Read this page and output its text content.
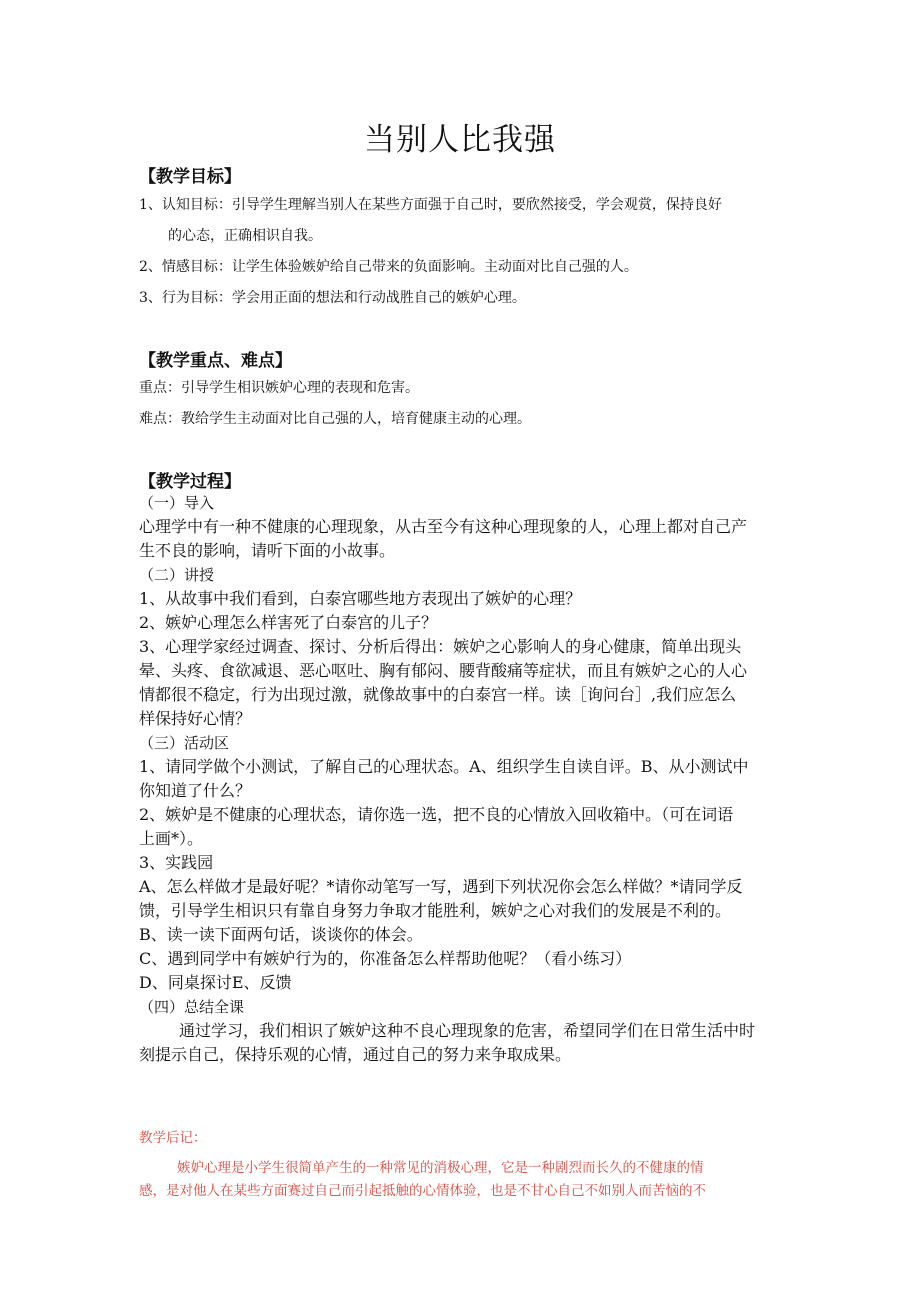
当别人比我强
【教学目标】

1、认知目标：引导学生理解当别人在某些方面强于自己时，要欣然接受，学会观赏，保持良好

的心态，正确相识自我。

2、情感目标：让学生体验嫉妒给自己带来的负面影响。主动面对比自己强的人。

3、行为目标：学会用正面的想法和行动战胜自己的嫉妒心理。

【教学重点、难点】

重点：引导学生相识嫉妒心理的表现和危害。

难点：教给学生主动面对比自己强的人，培育健康主动的心理。

【教学过程】
（一）导入
心理学中有一种不健康的心理现象，从古至今有这种心理现象的人，心理上都对自己产
生不良的影响，请听下面的小故事。
（二）讲授
1、从故事中我们看到，白泰宫哪些地方表现出了嫉妒的心理？
2、嫉妒心理怎么样害死了白泰宫的儿子？
3、心理学家经过调查、探讨、分析后得出：嫉妒之心影响人的身心健康，简单出现头
晕、头疼、食欲减退、恶心呕吐、胸有郁闷、腰背酸痛等症状，而且有嫉妒之心的人心
情都很不稳定，行为出现过激，就像故事中的白泰宫一样。读［询问台］,我们应怎么
样保持好心情？
（三）活动区
1、请同学做个小测试，了解自己的心理状态。A、组织学生自读自评。B、从小测试中
你知道了什么？
2、嫉妒是不健康的心理状态，请你选一选，把不良的心情放入回收箱中。（可在词语
上画*）。
3、实践园
A、怎么样做才是最好呢？*请你动笔写一写，遇到下列状况你会怎么样做？*请同学反
馈，引导学生相识只有靠自身努力争取才能胜利，嫉妒之心对我们的发展是不利的。
B、读一读下面两句话，谈谈你的体会。
C、遇到同学中有嫉妒行为的，你准备怎么样帮助他呢？（看小练习）
D、同桌探讨E、反馈
（四）总结全课
通过学习，我们相识了嫉妒这种不良心理现象的危害，希望同学们在日常生活中时
刻提示自己，保持乐观的心情，通过自己的努力来争取成果。

教学后记：

嫉妒心理是小学生很简单产生的一种常见的消极心理，它是一种剧烈而长久的不健康的情

感，是对他人在某些方面赛过自己而引起抵触的心情体验，也是不甘心自己不如别人而苦恼的不
